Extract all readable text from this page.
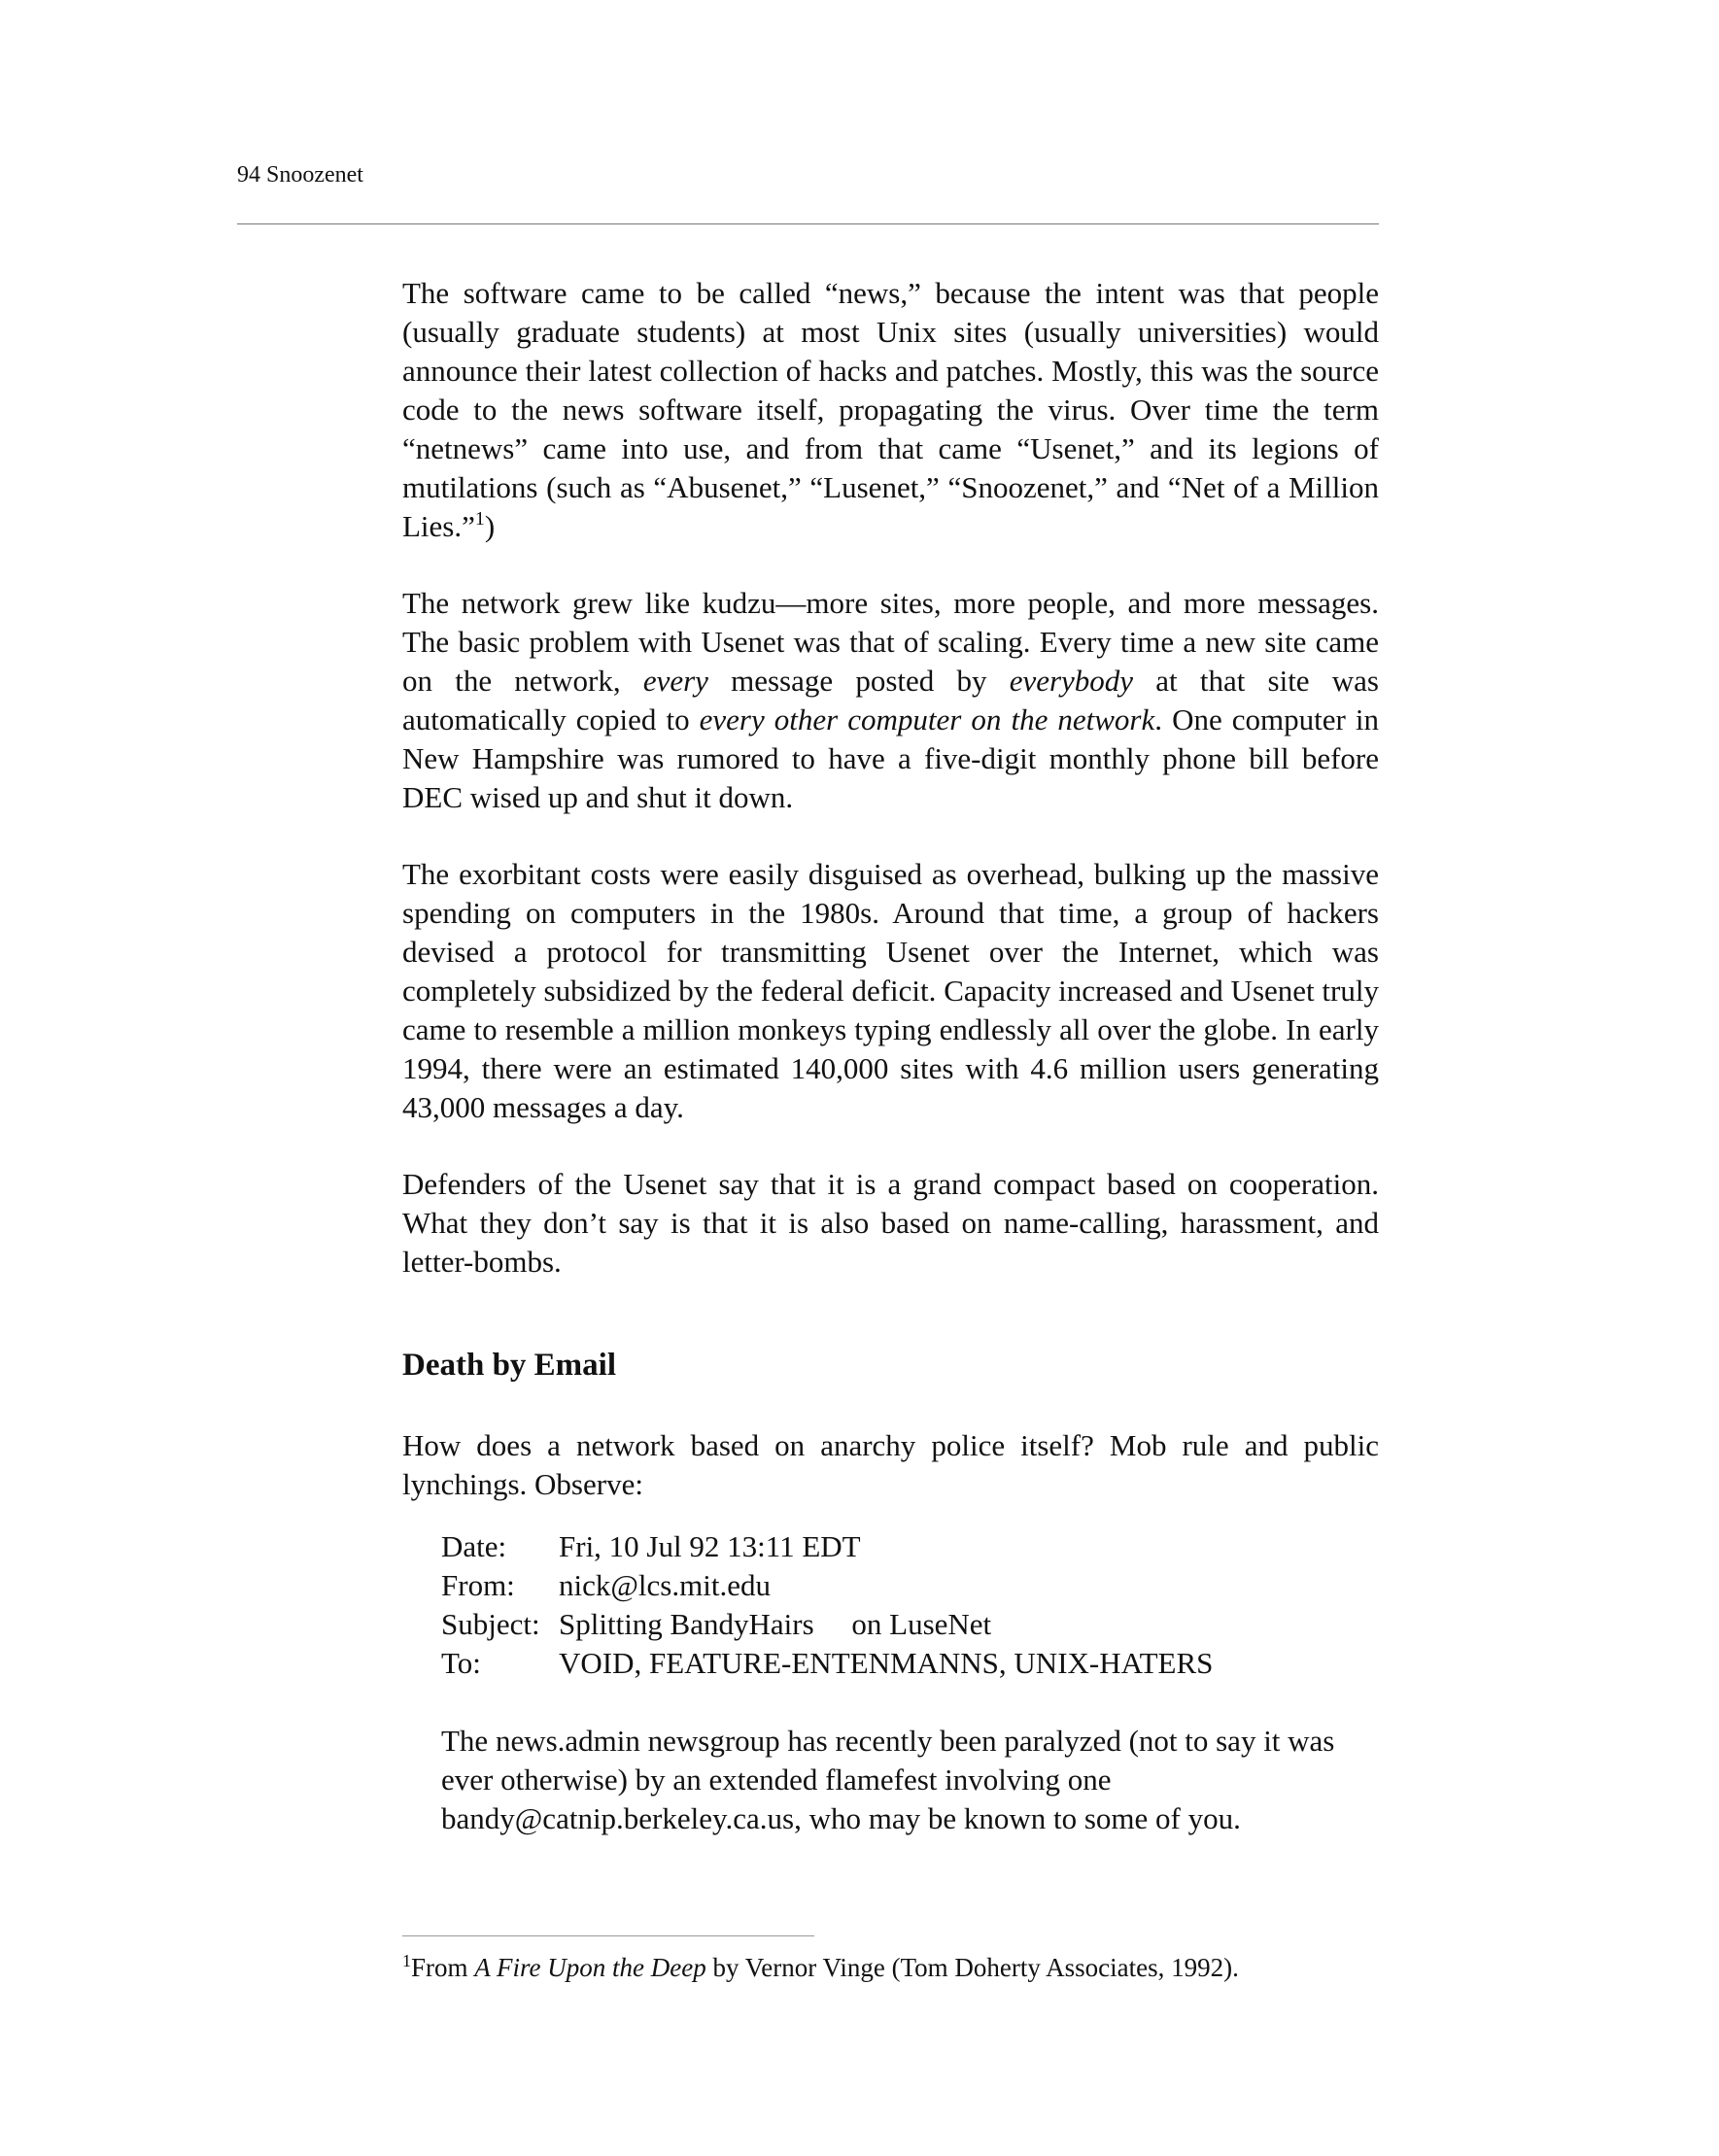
94 Snoozenet

The software came to be called “news,” because the intent was that people (usually graduate students) at most Unix sites (usually universities) would announce their latest collection of hacks and patches. Mostly, this was the source code to the news software itself, propagating the virus. Over time the term “netnews” came into use, and from that came “Usenet,” and its legions of mutilations (such as “Abusenet,” “Lusenet,” “Snoozenet,” and “Net of a Million Lies.”$^1$)

The network grew like kudzu—more sites, more people, and more messages. The basic problem with Usenet was that of scaling. Every time a new site came on the network, every message posted by everybody at that site was automatically copied to every other computer on the network. One computer in New Hampshire was rumored to have a five-digit monthly phone bill before DEC wised up and shut it down.

The exorbitant costs were easily disguised as overhead, bulking up the massive spending on computers in the 1980s. Around that time, a group of hackers devised a protocol for transmitting Usenet over the Internet, which was completely subsidized by the federal deficit. Capacity increased and Usenet truly came to resemble a million monkeys typing endlessly all over the globe. In early 1994, there were an estimated 140,000 sites with 4.6 million users generating 43,000 messages a day.

Defenders of the Usenet say that it is a grand compact based on cooperation. What they don’t say is that it is also based on name-calling, harassment, and letter-bombs.

Death by Email

How does a network based on anarchy police itself? Mob rule and public lynchings. Observe:

Date:	Fri, 10 Jul 92 13:11 EDT
From:	nick@lcs.mit.edu
Subject: Splitting BandyHairs  on LuseNet
To:	VOID, FEATURE-ENTENMANNS, UNIX-HATERS

The news.admin newsgroup has recently been paralyzed (not to say it was ever otherwise) by an extended flamefest involving one bandy@catnip.berkeley.ca.us, who may be known to some of you.

$^1$From A Fire Upon the Deep by Vernor Vinge (Tom Doherty Associates, 1992).
